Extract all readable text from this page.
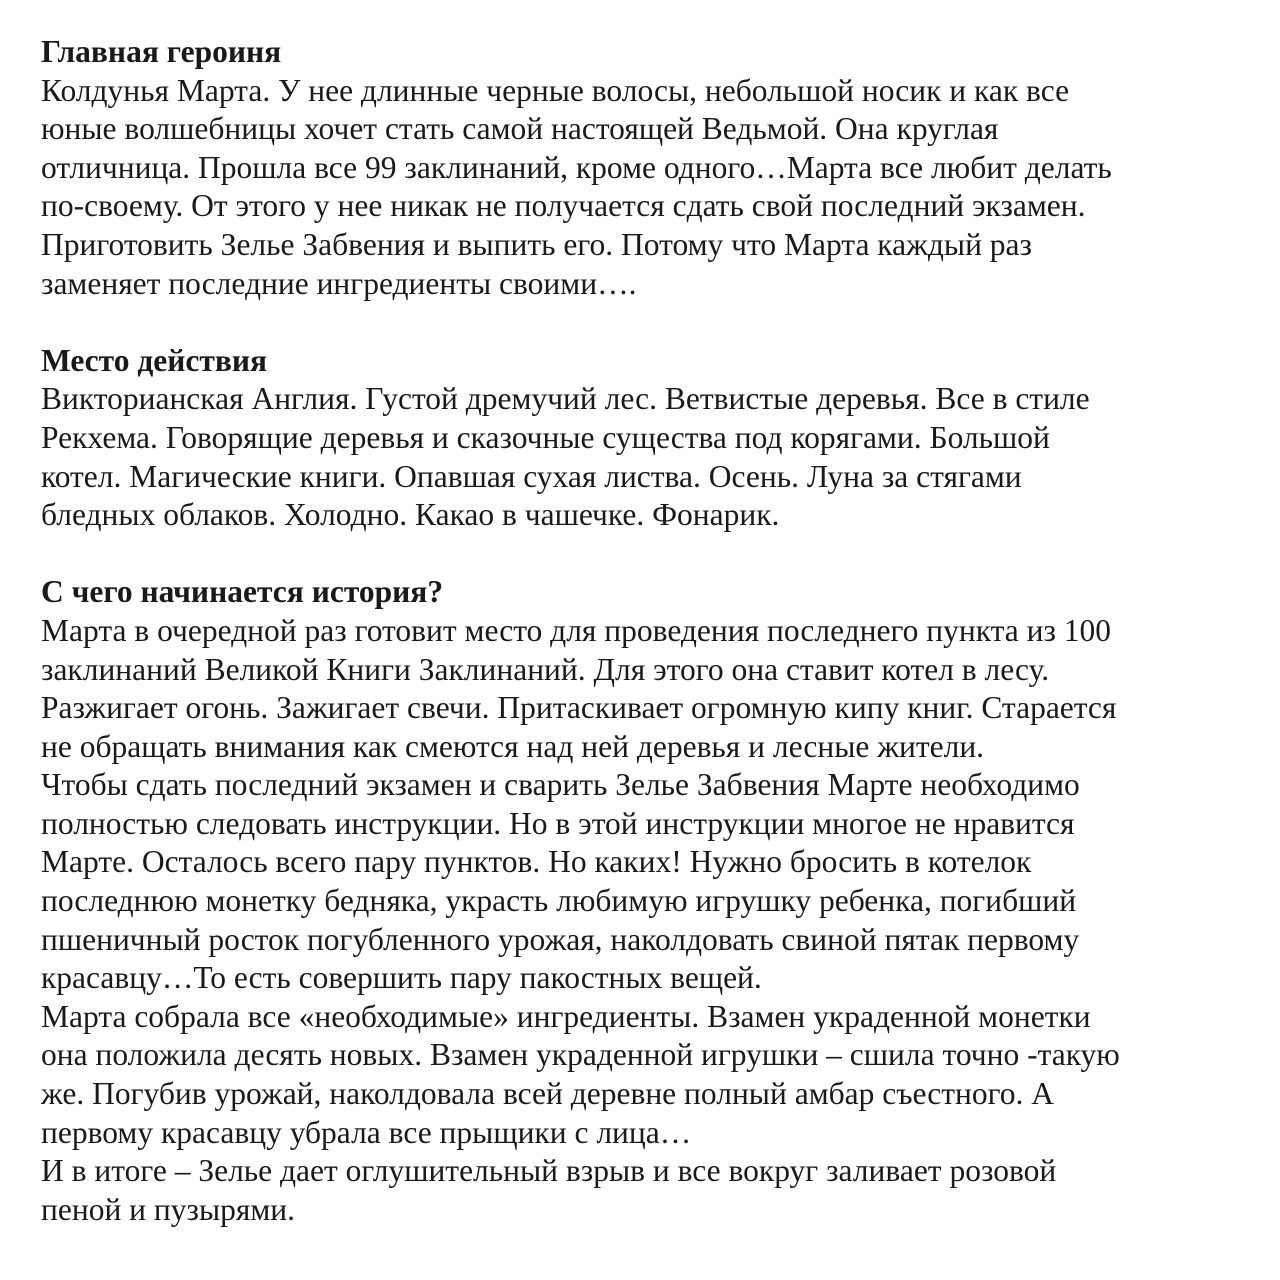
Главная героиня

Колдунья Марта. У нее длинные черные волосы, небольшой носик и как все

юные волшебницы хочет стать самой настоящей Ведьмой. Она круглая

отличница. Прошла все 99 заклинаний, кроме одного…Марта все любит делать

по-своему. От этого у нее никак не получается сдать свой последний экзамен.

Приготовить Зелье Забвения и выпить его. Потому что Марта каждый раз

заменяет последние ингредиенты своими….

Место действия

Викторианская Англия. Густой дремучий лес. Ветвистые деревья. Все в стиле

Рекхема. Говорящие деревья и сказочные существа под корягами. Большой

котел. Магические книги. Опавшая сухая листва. Осень. Луна за стягами

бледных облаков. Холодно. Какао в чашечке. Фонарик.

С чего начинается история?

Марта в очередной раз готовит место для проведения последнего пункта из 100

заклинаний Великой Книги Заклинаний. Для этого она ставит котел в лесу.

Разжигает огонь. Зажигает свечи. Притаскивает огромную кипу книг. Старается

не обращать внимания как смеются над ней деревья и лесные жители.

Чтобы сдать последний экзамен и сварить Зелье Забвения Марте необходимо

полностью следовать инструкции. Но в этой инструкции многое не нравится

Марте. Осталось всего пару пунктов. Но каких! Нужно бросить в котелок

последнюю монетку бедняка, украсть любимую игрушку ребенка, погибший

пшеничный росток погубленного урожая, наколдовать свиной пятак первому

красавцу…То есть совершить пару пакостных вещей.

Марта собрала все «необходимые» ингредиенты. Взамен украденной монетки

она положила десять новых. Взамен украденной игрушки – сшила точно -такую

же. Погубив урожай, наколдовала всей деревне полный амбар съестного. А

первому красавцу убрала все прыщики с лица…

И в итоге – Зелье дает оглушительный взрыв и все вокруг заливает розовой

пеной и пузырями.
